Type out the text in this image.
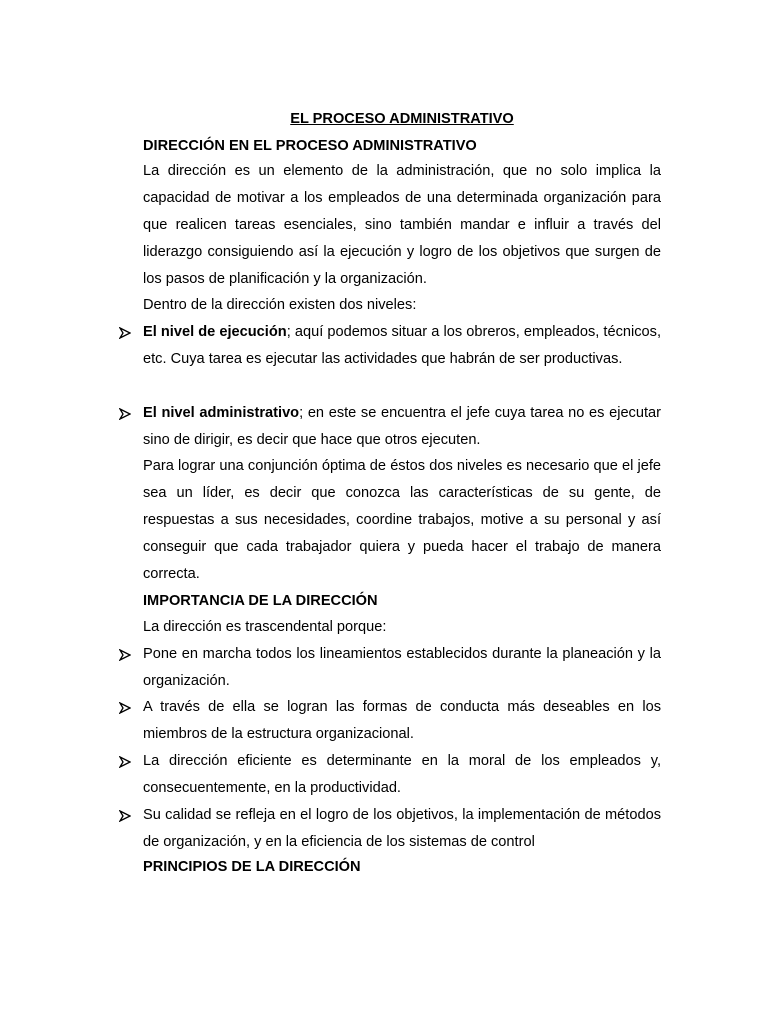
EL PROCESO ADMINISTRATIVO
DIRECCIÓN EN EL PROCESO ADMINISTRATIVO
La dirección es un elemento de la administración, que no solo implica la capacidad de motivar a los empleados de una determinada organización para que realicen tareas esenciales, sino también mandar e influir a través del liderazgo consiguiendo así la ejecución y logro de los objetivos que surgen de los pasos de planificación y la organización.
Dentro de la dirección existen dos niveles:
El nivel de ejecución; aquí podemos situar a los obreros, empleados, técnicos, etc. Cuya tarea es ejecutar las actividades que habrán de ser productivas.
El nivel administrativo; en este se encuentra el jefe cuya tarea no es ejecutar sino de dirigir, es decir que hace que otros ejecuten.
Para lograr una conjunción óptima de éstos dos niveles es necesario que el jefe sea un líder, es decir que conozca las características de su gente, de respuestas a sus necesidades, coordine trabajos, motive a su personal y así conseguir que cada trabajador quiera y pueda hacer el trabajo de manera correcta.
IMPORTANCIA DE LA DIRECCIÓN
La dirección es trascendental porque:
Pone en marcha todos los lineamientos establecidos durante la planeación y la organización.
A través de ella se logran las formas de conducta más deseables en los miembros de la estructura organizacional.
La dirección eficiente es determinante en la moral de los empleados y, consecuentemente, en la productividad.
Su calidad se refleja en el logro de los objetivos, la implementación de métodos de organización, y en la eficiencia de los sistemas de control
PRINCIPIOS DE LA DIRECCIÓN
